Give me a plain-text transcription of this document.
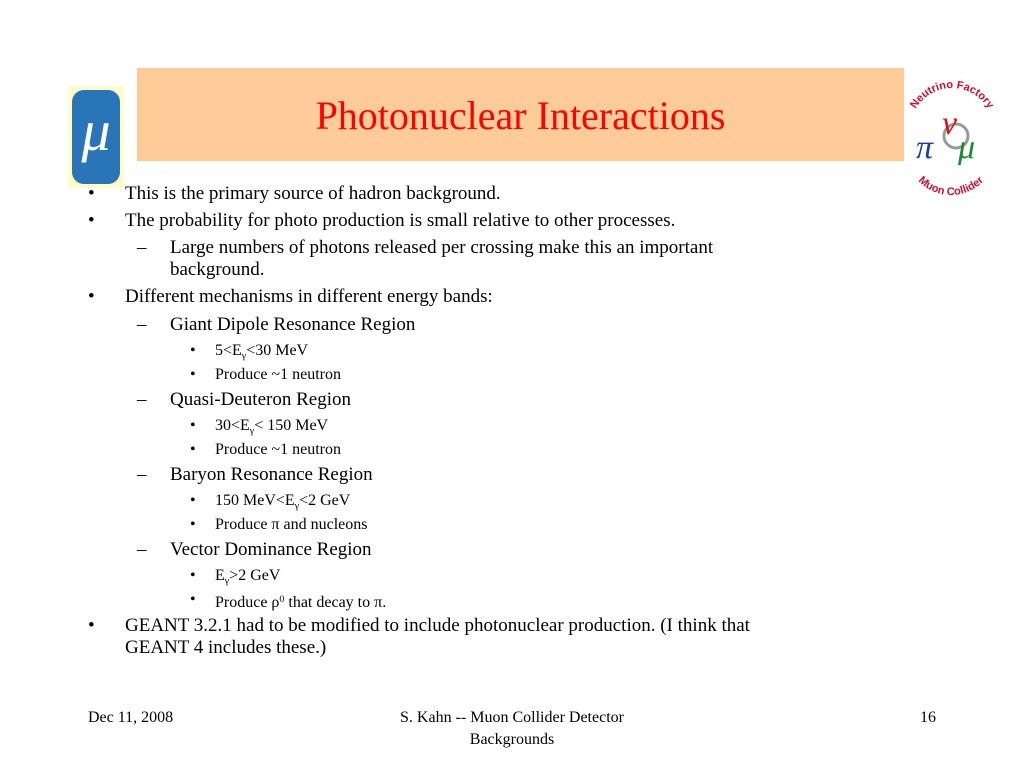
μ	Photonuclear Interactions	Neutrino Factory
Muon Collider
π
ν
μ
• This is the primary source of hadron background.
• The probability for photo production is small relative to other processes.
– Large numbers of photons released per crossing make this an important
background.
• Different mechanisms in different energy bands:
– Giant Dipole Resonance Region
• $5<E_\gamma<30$ MeV
• Produce ~1 neutron
– Quasi-Deuteron Region
• $30<E_\gamma< 150$ MeV
• Produce ~1 neutron
– Baryon Resonance Region
• 150 $MeV<E_\gamma<2$ GeV
• Produce π and nucleons
– Vector Dominance Region
• $E_\gamma>2$ GeV
• Produce $\rho^0$ that decay to π.
• GEANT 3.2.1 had to be modified to include photonuclear production. (I think that
GEANT 4 includes these.)
Dec 11, 2008	S. Kahn -- Muon Collider Detector
Backgrounds
16
